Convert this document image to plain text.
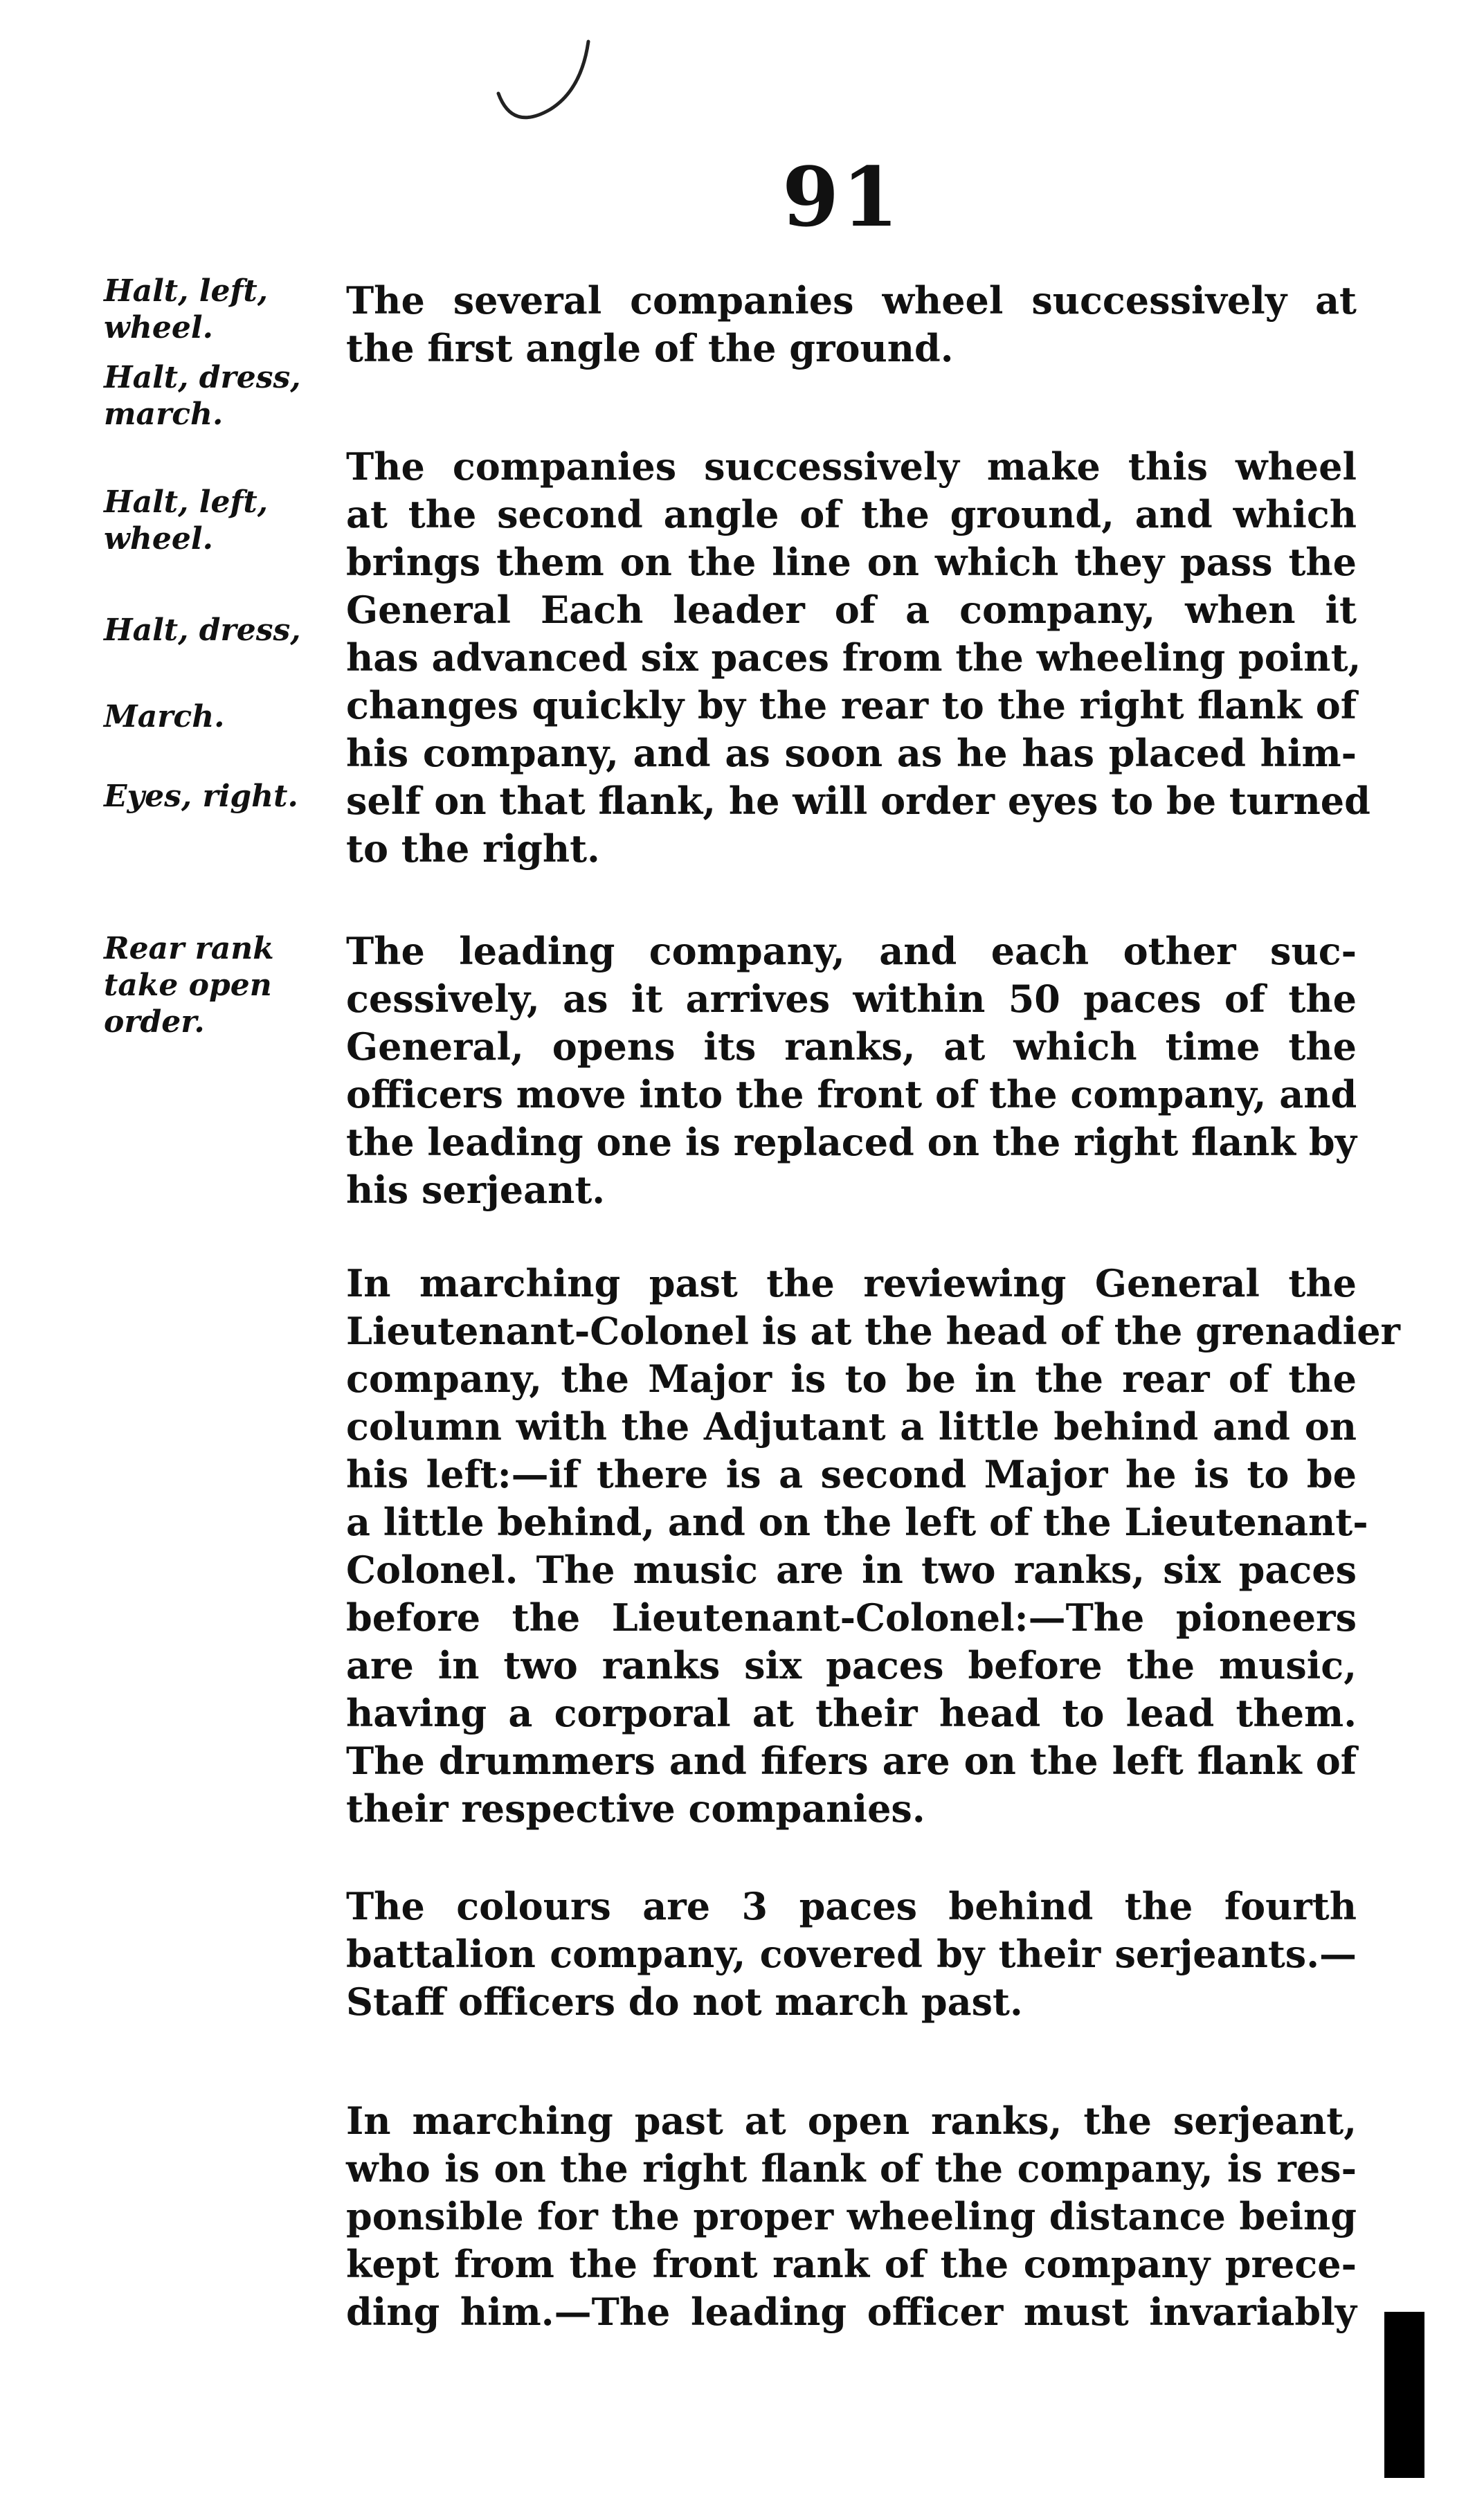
91
Halt, left, wheel.
Halt, dress, march.
Halt, left, wheel.
Halt, dress,
March.
Eyes, right.
Rear rank take open order.
The several companies wheel successively at
the first angle of the ground.
The companies successively make this wheel
at the second angle of the ground, and which
brings them on the line on which they pass the
General Each leader of a company, when it
has advanced six paces from the wheeling point,
changes quickly by the rear to the right flank of
his company, and as soon as he has placed him-
self on that flank, he will order eyes to be turned
to the right.
The leading company, and each other suc-
cessively, as it arrives within 50 paces of the
General, opens its ranks, at which time the
officers move into the front of the company, and
the leading one is replaced on the right flank by
his serjeant.
In marching past the reviewing General the
Lieutenant-Colonel is at the head of the grenadier
company, the Major is to be in the rear of the
column with the Adjutant a little behind and on
his left:—if there is a second Major he is to be
a little behind, and on the left of the Lieutenant-
Colonel. The music are in two ranks, six paces
before the Lieutenant-Colonel:—The pioneers
are in two ranks six paces before the music,
having a corporal at their head to lead them.
The drummers and fifers are on the left flank of
their respective companies.
The colours are 3 paces behind the fourth
battalion company, covered by their serjeants.—
Staff officers do not march past.
In marching past at open ranks, the serjeant,
who is on the right flank of the company, is res-
ponsible for the proper wheeling distance being
kept from the front rank of the company prece-
ding him.—The leading officer must invariably
